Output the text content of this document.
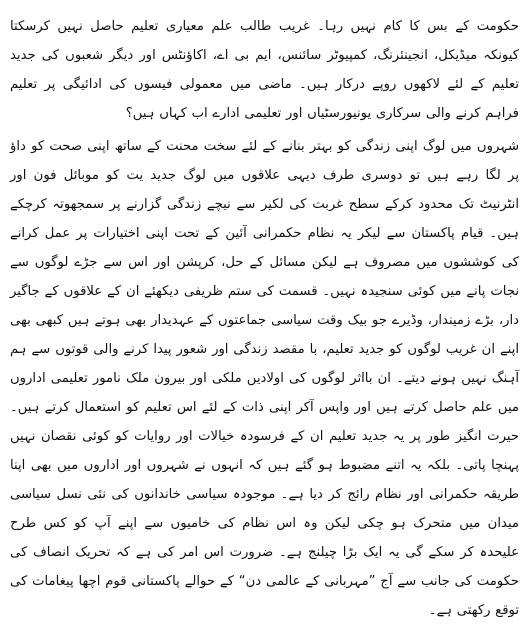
حکومت کے بس کا کام نہیں رہا۔ غریب طالب علم معیاری تعلیم حاصل نہیں کرسکتا کیونکہ میڈیکل، انجینئرنگ، کمپیوٹر سائنس، ایم بی اے، اکاؤنٹس اور دیگر شعبوں کی جدید تعلیم کے لئے لاکھوں روپے درکار ہیں۔ ماضی میں معمولی فیسوں کی ادائیگی پر تعلیم فراہم کرنے والی سرکاری یونیورسٹیاں اور تعلیمی ادارے اب کہاں ہیں؟

شہروں میں لوگ اپنی زندگی کو بہتر بنانے کے لئے سخت محنت کے ساتھ اپنی صحت کو داؤ پر لگا رہے ہیں تو دوسری طرف دیہی علاقوں میں لوگ جدید یت کو موبائل فون اور انٹرنیٹ تک محدود کرکے سطح غربت کی لکیر سے نیچے زندگی گزارنے پر سمجھوتہ کرچکے ہیں۔ قیام پاکستان سے لیکر یہ نظام حکمرانی آئین کے تحت اپنی اختیارات پر عمل کرانے کی کوششوں میں مصروف ہے لیکن مسائل کے حل، کرپشن اور اس سے جڑے لوگوں سے نجات پانے میں کوئی سنجیدہ نہیں۔ قسمت کی ستم ظریفی دیکھئے ان کے علاقوں کے جاگیر دار، بڑے زمیندار، وڈیرے جو بیک وقت سیاسی جماعتوں کے عہدیدار بھی ہوتے ہیں کبھی بھی اپنے ان غریب لوگوں کو جدید تعلیم، با مقصد زندگی اور شعور پیدا کرنے والی قوتوں سے ہم آہنگ نہیں ہونے دیتے۔ ان بااثر لوگوں کی اولادیں ملکی اور بیرون ملک نامور تعلیمی اداروں میں علم حاصل کرتے ہیں اور واپس آکر اپنی ذات کے لئے اس تعلیم کو استعمال کرتے ہیں۔ حیرت انگیز طور پر یہ جدید تعلیم ان کے فرسودہ خیالات اور روایات کو کوئی نقصان نہیں پہنچا پاتی۔ بلکہ یہ اتنے مضبوط ہو گئے ہیں کہ انہوں نے شہروں اور اداروں میں بھی اپنا طریقہ حکمرانی اور نظام رائج کر دیا ہے۔ موجودہ سیاسی خاندانوں کی نئی نسل سیاسی میدان میں متحرک ہو چکی لیکن وہ اس نظام کی خامیوں سے اپنے آپ کو کس طرح علیحدہ کر سکے گی یہ ایک بڑا چیلنج ہے۔ ضرورت اس امر کی ہے کہ تحریک انصاف کی حکومت کی جانب سے آج ”مہربانی کے عالمی دن“ کے حوالے پاکستانی قوم اچھا پیغامات کی توقع رکھتی ہے۔
